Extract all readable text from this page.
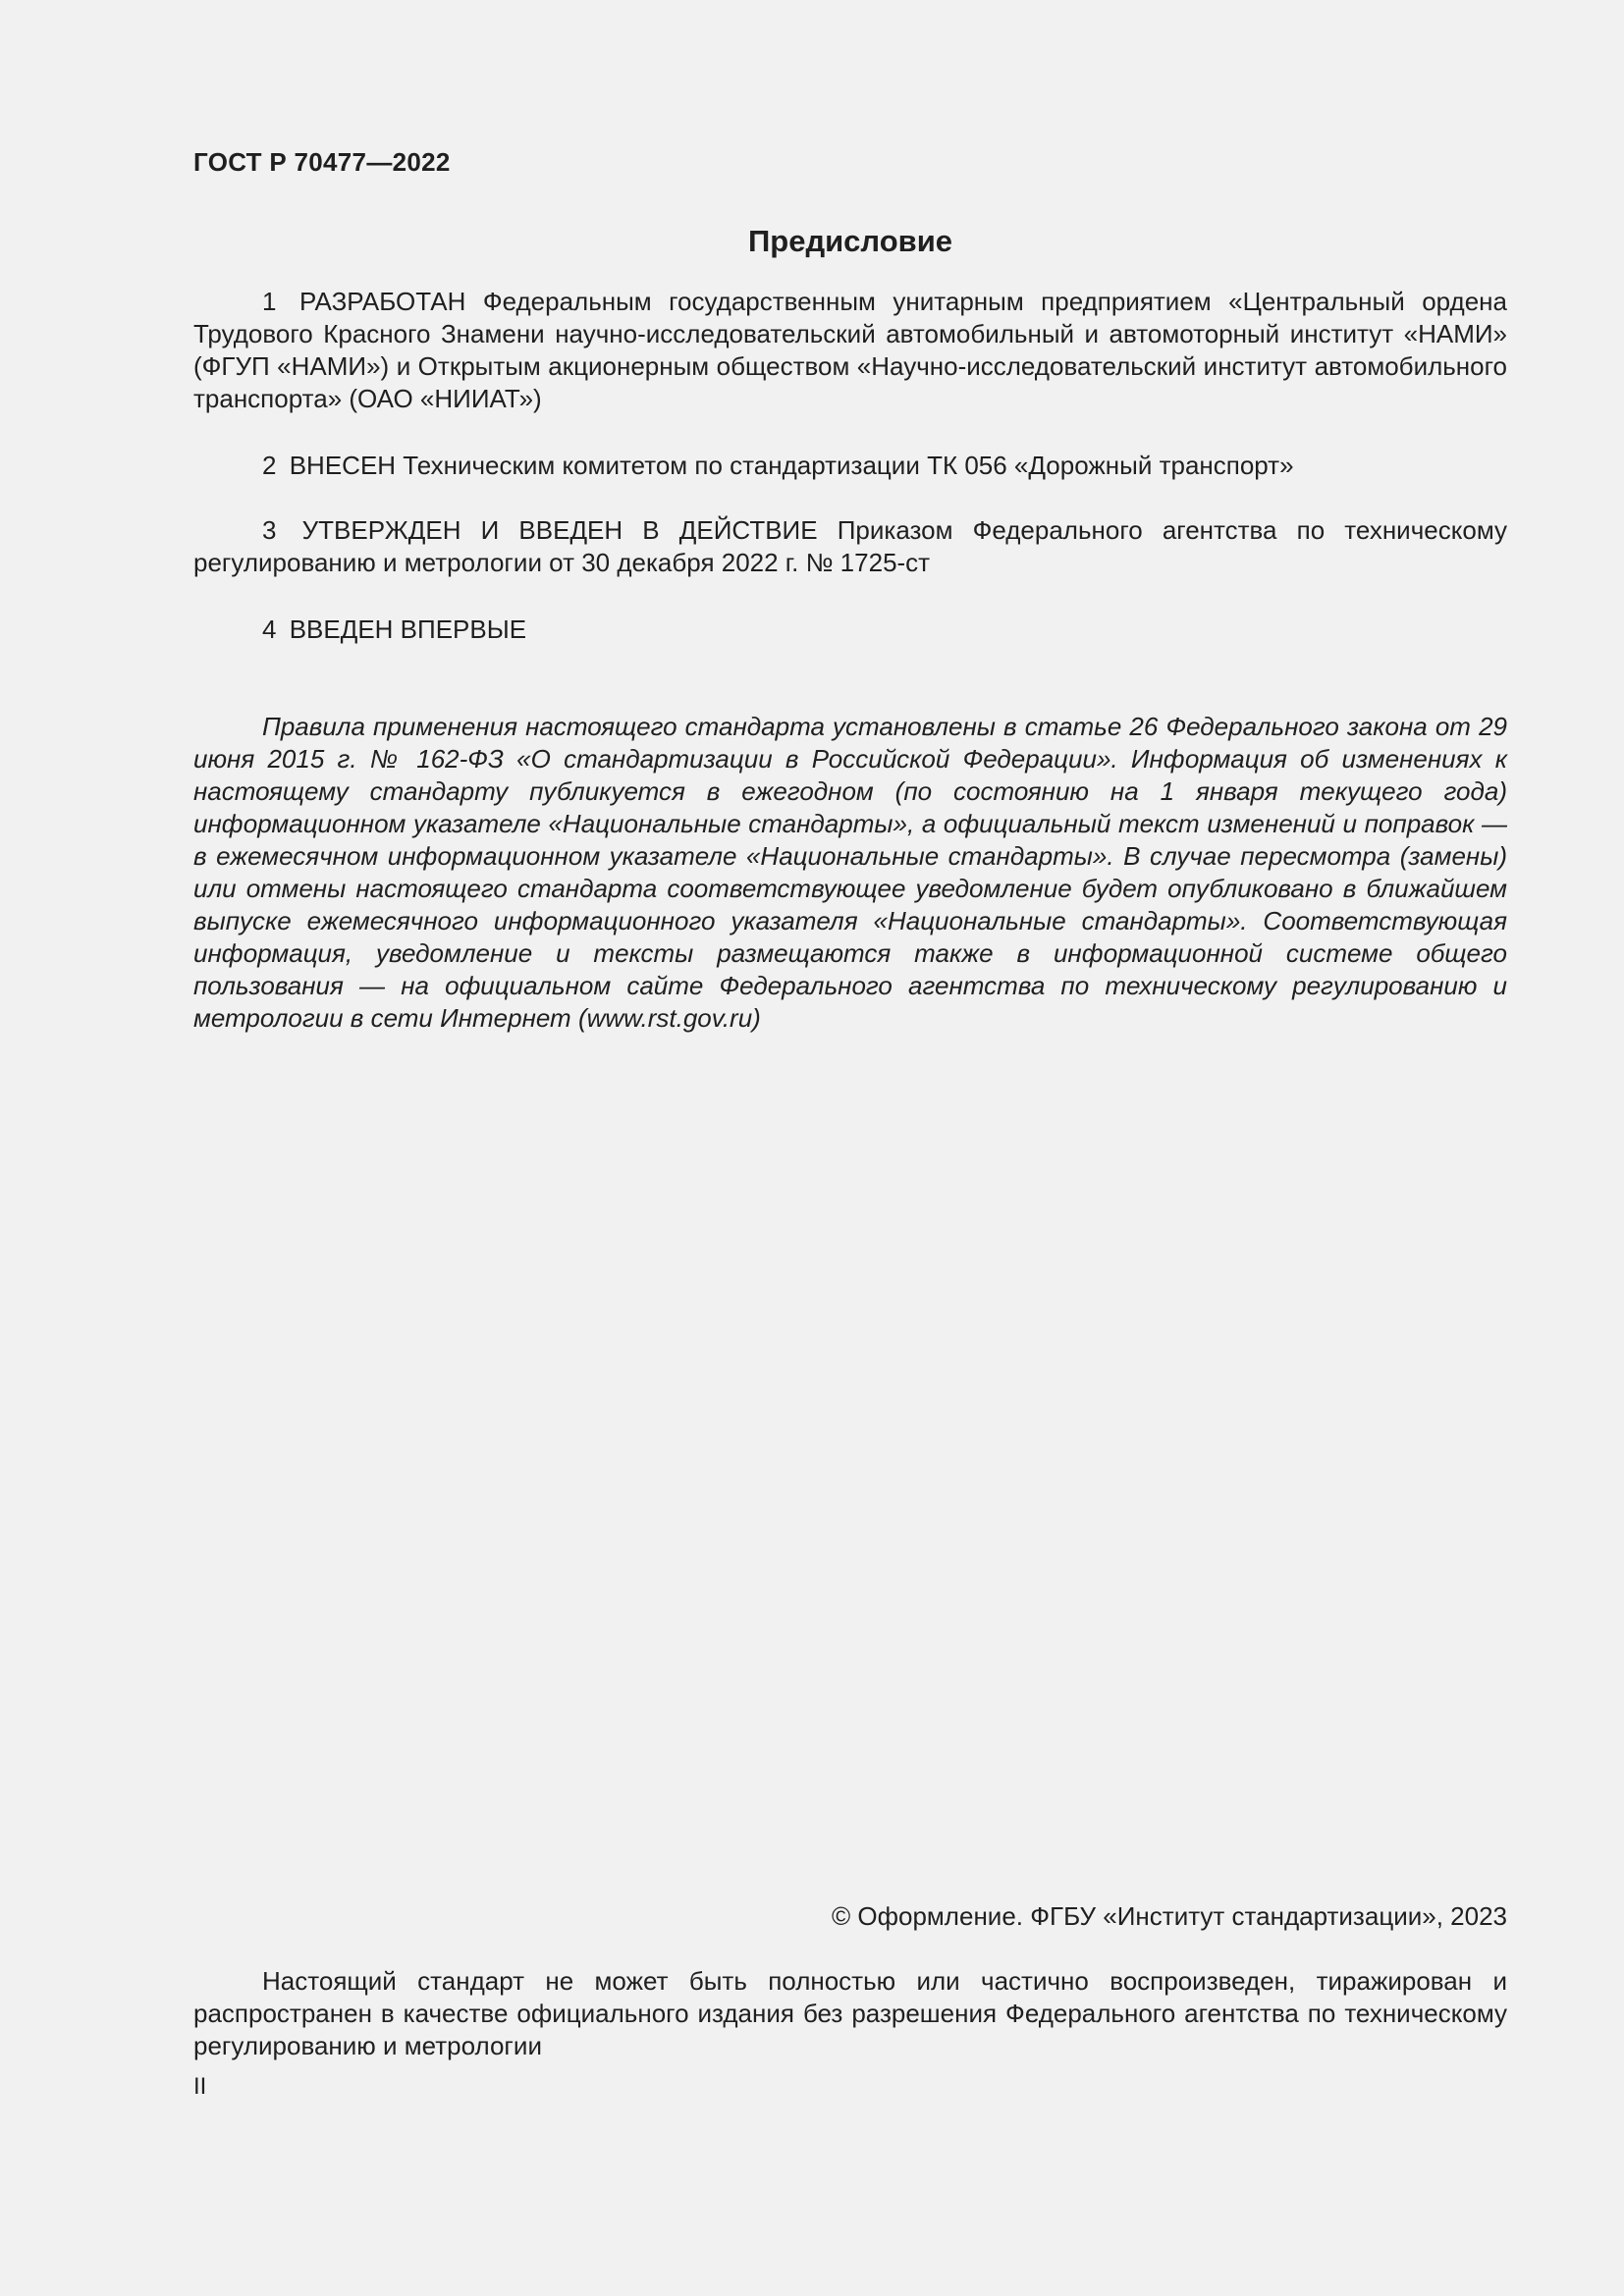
ГОСТ Р 70477—2022
Предисловие

1 РАЗРАБОТАН Федеральным государственным унитарным предприятием «Центральный ордена Трудового Красного Знамени научно-исследовательский автомобильный и автомоторный институт «НАМИ» (ФГУП «НАМИ») и Открытым акционерным обществом «Научно-исследовательский институт автомобильного транспорта» (ОАО «НИИАТ»)

2 ВНЕСЕН Техническим комитетом по стандартизации ТК 056 «Дорожный транспорт»

3 УТВЕРЖДЕН И ВВЕДЕН В ДЕЙСТВИЕ Приказом Федерального агентства по техническому регулированию и метрологии от 30 декабря 2022 г. № 1725-ст

4 ВВЕДЕН ВПЕРВЫЕ

Правила применения настоящего стандарта установлены в статье 26 Федерального закона от 29 июня 2015 г. № 162-ФЗ «О стандартизации в Российской Федерации». Информация об изменениях к настоящему стандарту публикуется в ежегодном (по состоянию на 1 января текущего года) информационном указателе «Национальные стандарты», а официальный текст изменений и поправок — в ежемесячном информационном указателе «Национальные стандарты». В случае пересмотра (замены) или отмены настоящего стандарта соответствующее уведомление будет опубликовано в ближайшем выпуске ежемесячного информационного указателя «Национальные стандарты». Соответствующая информация, уведомление и тексты размещаются также в информационной системе общего пользования — на официальном сайте Федерального агентства по техническому регулированию и метрологии в сети Интернет (www.rst.gov.ru)

© Оформление. ФГБУ «Институт стандартизации», 2023

Настоящий стандарт не может быть полностью или частично воспроизведен, тиражирован и распространен в качестве официального издания без разрешения Федерального агентства по техническому регулированию и метрологии

II
